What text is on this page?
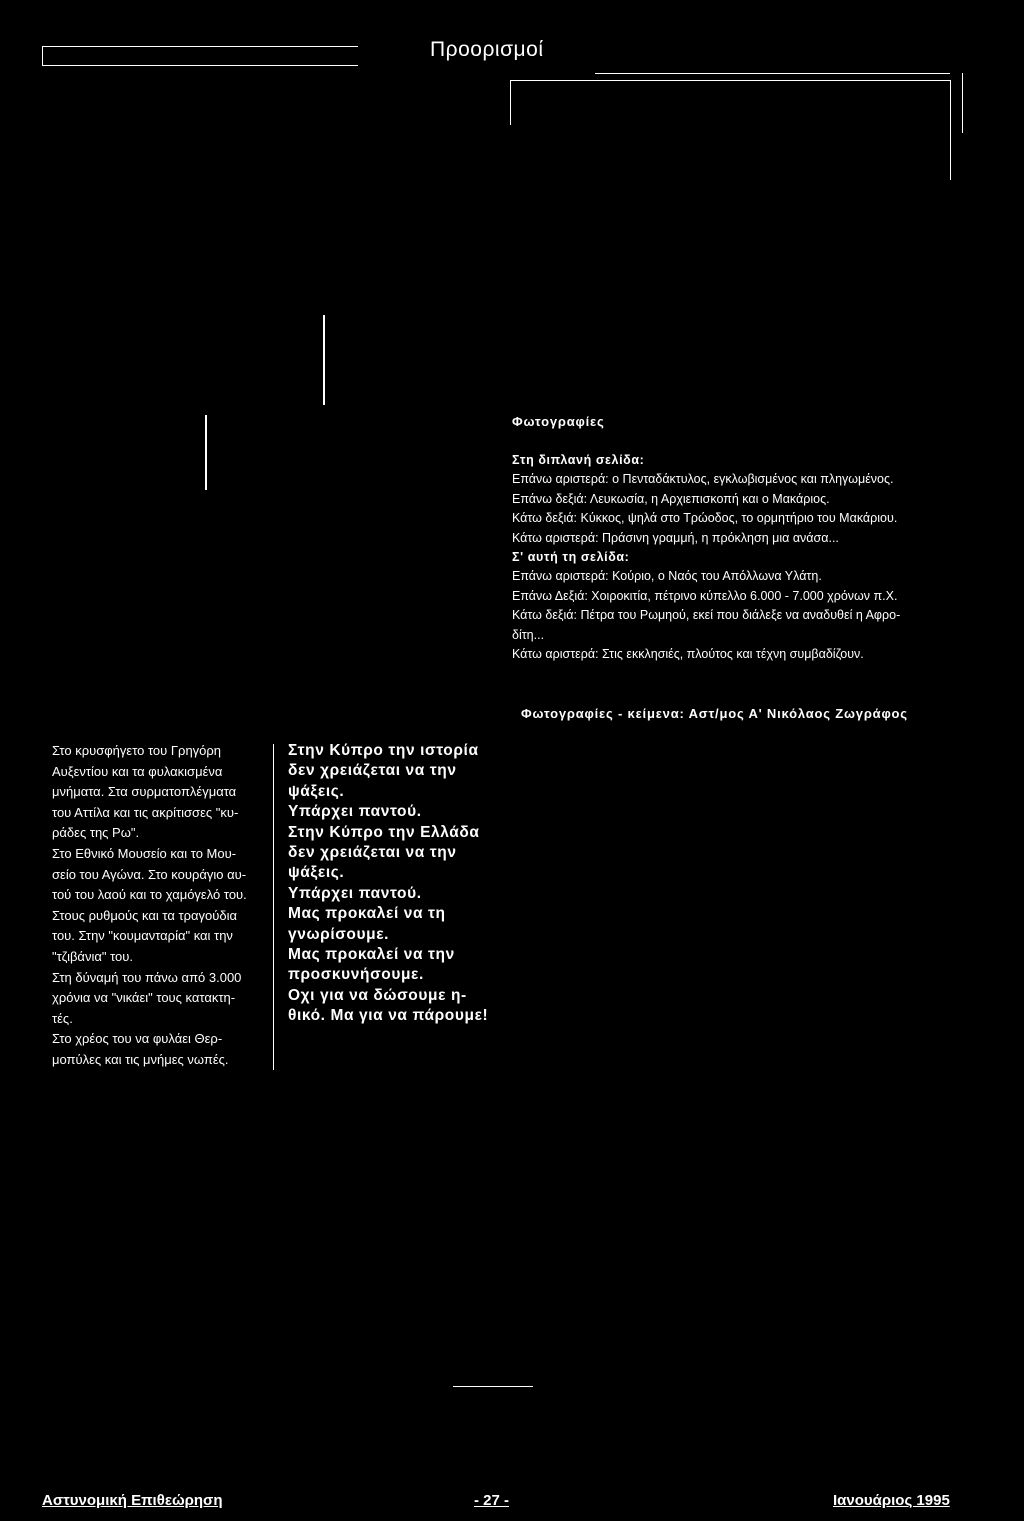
Προορισμοί
Φωτογραφίες
Στη διπλανή σελίδα:
Επάνω αριστερά: ο Πενταδάκτυλος, εγκλωβισμένος και πληγωμένος.
Επάνω δεξιά: Λευκωσία, η Αρχιεπισκοπή και ο Μακάριος.
Κάτω δεξιά: Κύκκος, ψηλά στο Τρώοδος, το ορμητήριο του Μακάριου.
Κάτω αριστερά: Πράσινη γραμμή, η πρόκληση μια ανάσα...
Σ' αυτή τη σελίδα:
Επάνω αριστερά: Κούριο, ο Ναός του Απόλλωνα Υλάτη.
Επάνω Δεξιά: Χοιροκιτία, πέτρινο κύπελλο 6.000 - 7.000 χρόνων π.Χ.
Κάτω δεξιά: Πέτρα του Ρωμηού, εκεί που διάλεξε να αναδυθεί η Αφρο-
δίτη...
Κάτω αριστερά: Στις εκκλησιές, πλούτος και τέχνη συμβαδίζουν.
Φωτογραφίες - κείμενα: Αστ/μος Α' Νικόλαος Ζωγράφος
Στο κρυσφήγετο του Γρηγόρη
Αυξεντίου και τα φυλακισμένα
μνήματα. Στα συρματοπλέγματα
του Αττίλα και τις ακρίτισσες "κυ-
ράδες της Ρω".
Στο Εθνικό Μουσείο και το Μου-
σείο του Αγώνα. Στο κουράγιο αυ-
τού του λαού και το χαμόγελό του.
Στους ρυθμούς και τα τραγούδια
του. Στην "κουμανταρία" και την
"τζιβάνια" του.
Στη δύναμή του πάνω από 3.000
χρόνια να "νικάει" τους κατακτη-
τές.
Στο χρέος του να φυλάει Θερ-
μοπύλες και τις μνήμες νωπές.
Στην Κύπρο την ιστορία
δεν χρειάζεται να την
ψάξεις.
Υπάρχει παντού.
Στην Κύπρο την Ελλάδα
δεν χρειάζεται να την
ψάξεις.
Υπάρχει παντού.
Μας προκαλεί να τη
γνωρίσουμε.
Μας προκαλεί να την
προσκυνήσουμε.
Οχι για να δώσουμε η-
θικό. Μα για να πάρουμε!
Αστυνομική Επιθεώρηση	- 27 -	Ιανουάριος 1995
